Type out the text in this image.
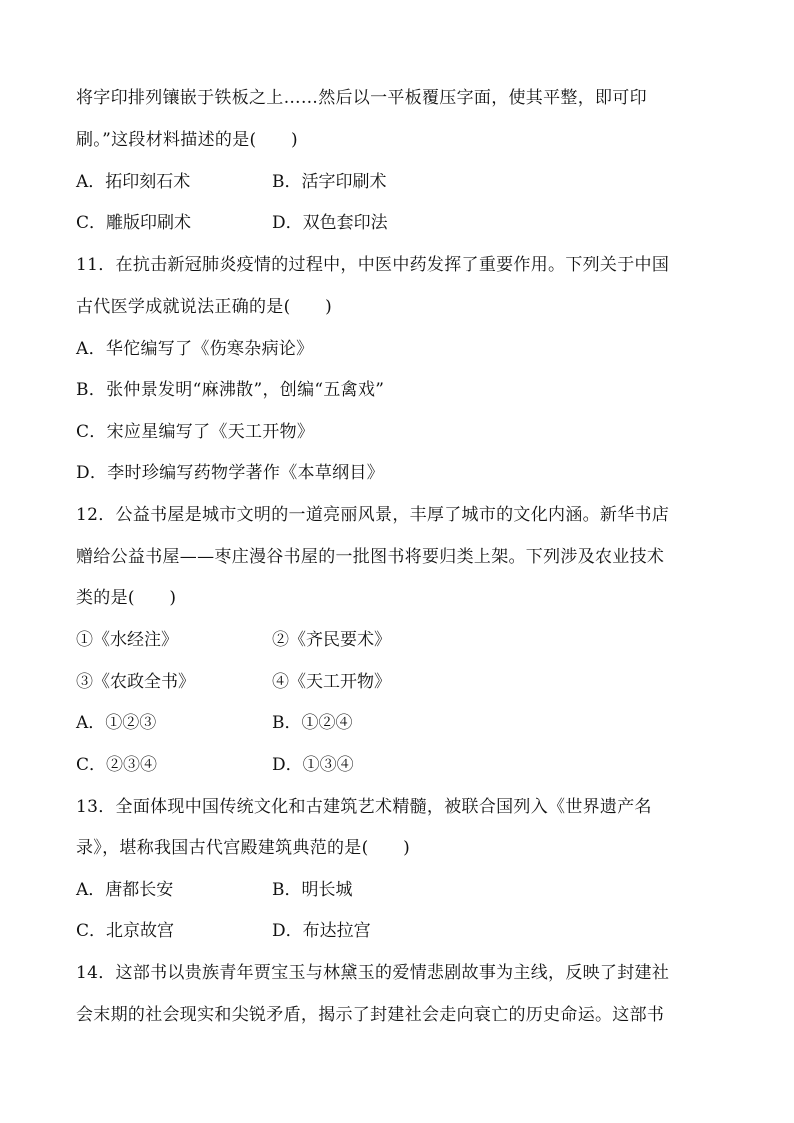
将字印排列镶嵌于铁板之上……然后以一平板覆压字面，使其平整，即可印
刷。”这段材料描述的是(　　)
A．拓印刻石术	B．活字印刷术
C．雕版印刷术	D．双色套印法
11．在抗击新冠肺炎疫情的过程中，中医中药发挥了重要作用。下列关于中国
古代医学成就说法正确的是(　　)
A．华佗编写了《伤寒杂病论》
B．张仲景发明“麻沸散”，创编“五禽戏”
C．宋应星编写了《天工开物》
D．李时珍编写药物学著作《本草纲目》
12．公益书屋是城市文明的一道亮丽风景，丰厚了城市的文化内涵。新华书店
赠给公益书屋——枣庄漫谷书屋的一批图书将要归类上架。下列涉及农业技术
类的是(　　)
①《水经注》	②《齐民要术》
③《农政全书》	④《天工开物》
A．①②③	B．①②④
C．②③④	D．①③④
13．全面体现中国传统文化和古建筑艺术精髓，被联合国列入《世界遗产名
录》，堪称我国古代宫殿建筑典范的是(　　)
A．唐都长安	B．明长城
C．北京故宫	D．布达拉宫
14．这部书以贵族青年贾宝玉与林黛玉的爱情悲剧故事为主线，反映了封建社
会末期的社会现实和尖锐矛盾，揭示了封建社会走向衰亡的历史命运。这部书
